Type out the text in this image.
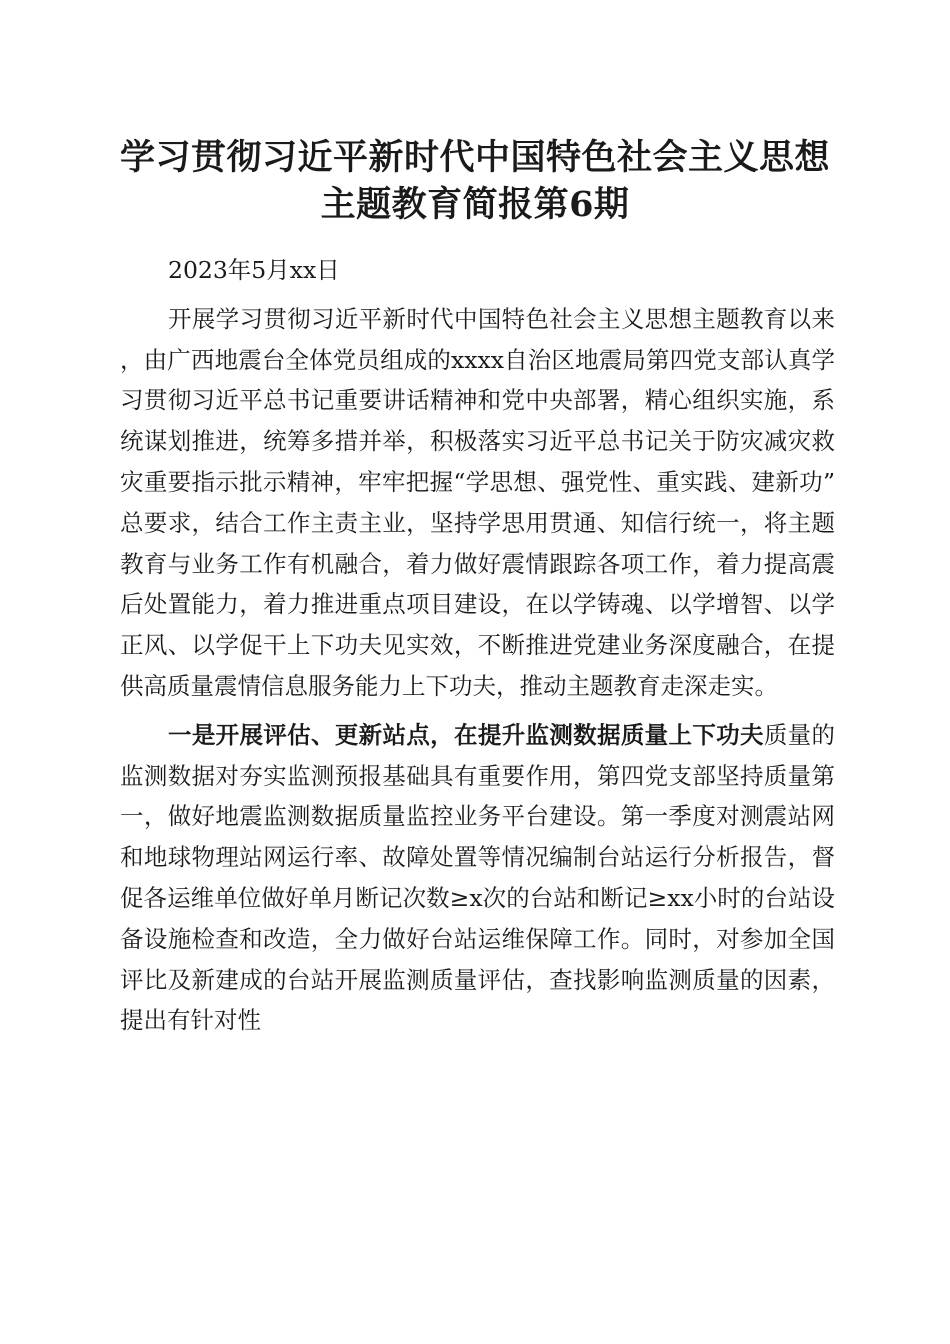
学习贯彻习近平新时代中国特色社会主义思想
主题教育简报第6期

2023年5月xx日

开展学习贯彻习近平新时代中国特色社会主义思想主题教育以来，由广西地震台全体党员组成的xxxx自治区地震局第四党支部认真学习贯彻习近平总书记重要讲话精神和党中央部署，精心组织实施，系统谋划推进，统筹多措并举，积极落实习近平总书记关于防灾减灾救灾重要指示批示精神，牢牢把握“学思想、强党性、重实践、建新功”总要求，结合工作主责主业，坚持学思用贯通、知信行统一，将主题教育与业务工作有机融合，着力做好震情跟踪各项工作，着力提高震后处置能力，着力推进重点项目建设，在以学铸魂、以学增智、以学正风、以学促干上下功夫见实效，不断推进党建业务深度融合，在提供高质量震情信息服务能力上下功夫，推动主题教育走深走实。

一是开展评估、更新站点，在提升监测数据质量上下功夫质量的监测数据对夯实监测预报基础具有重要作用，第四党支部坚持质量第一，做好地震监测数据质量监控业务平台建设。第一季度对测震站网和地球物理站网运行率、故障处置等情况编制台站运行分析报告，督促各运维单位做好单月断记次数≥x次的台站和断记≥xx小时的台站设备设施检查和改造，全力做好台站运维保障工作。同时，对参加全国评比及新建成的台站开展监测质量评估，查找影响监测质量的因素，提出有针对性
